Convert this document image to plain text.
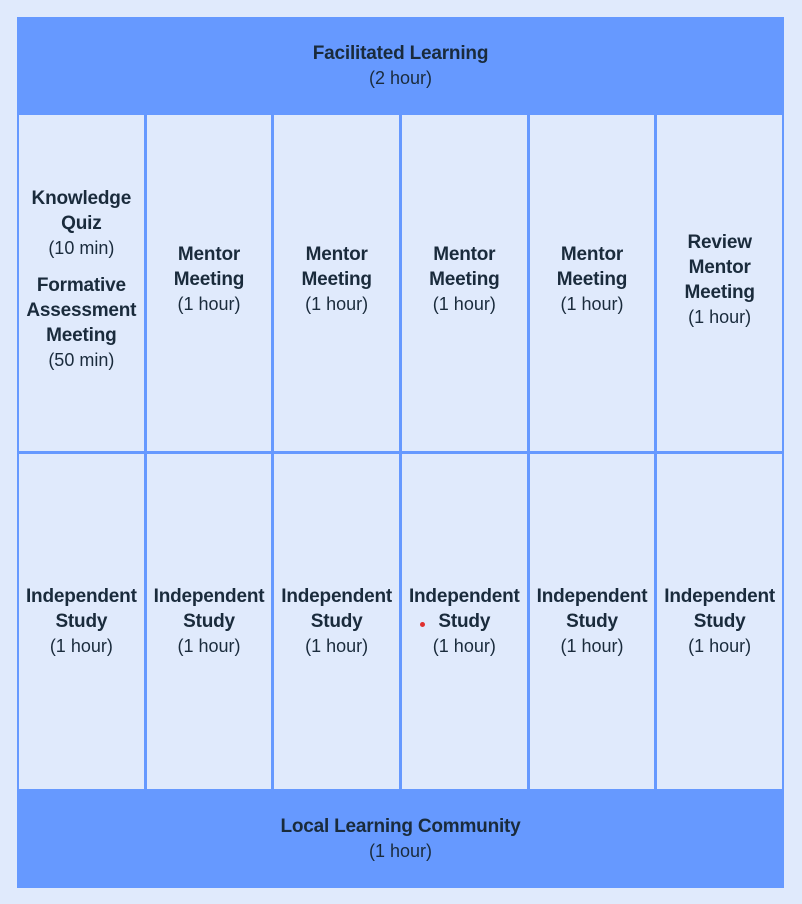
Facilitated Learning
(2 hour)
Knowledge
Quiz
(10 min)
Formative
Assessment
Meeting
(50 min)
Mentor
Meeting
(1 hour)
Mentor
Meeting
(1 hour)
Mentor
Meeting
(1 hour)
Mentor
Meeting
(1 hour)
Review
Mentor
Meeting
(1 hour)
Independent
Study
(1 hour)
Independent
Study
(1 hour)
Independent
Study
(1 hour)
Independent
Study
(1 hour)
Independent
Study
(1 hour)
Independent
Study
(1 hour)
Local Learning Community
(1 hour)
